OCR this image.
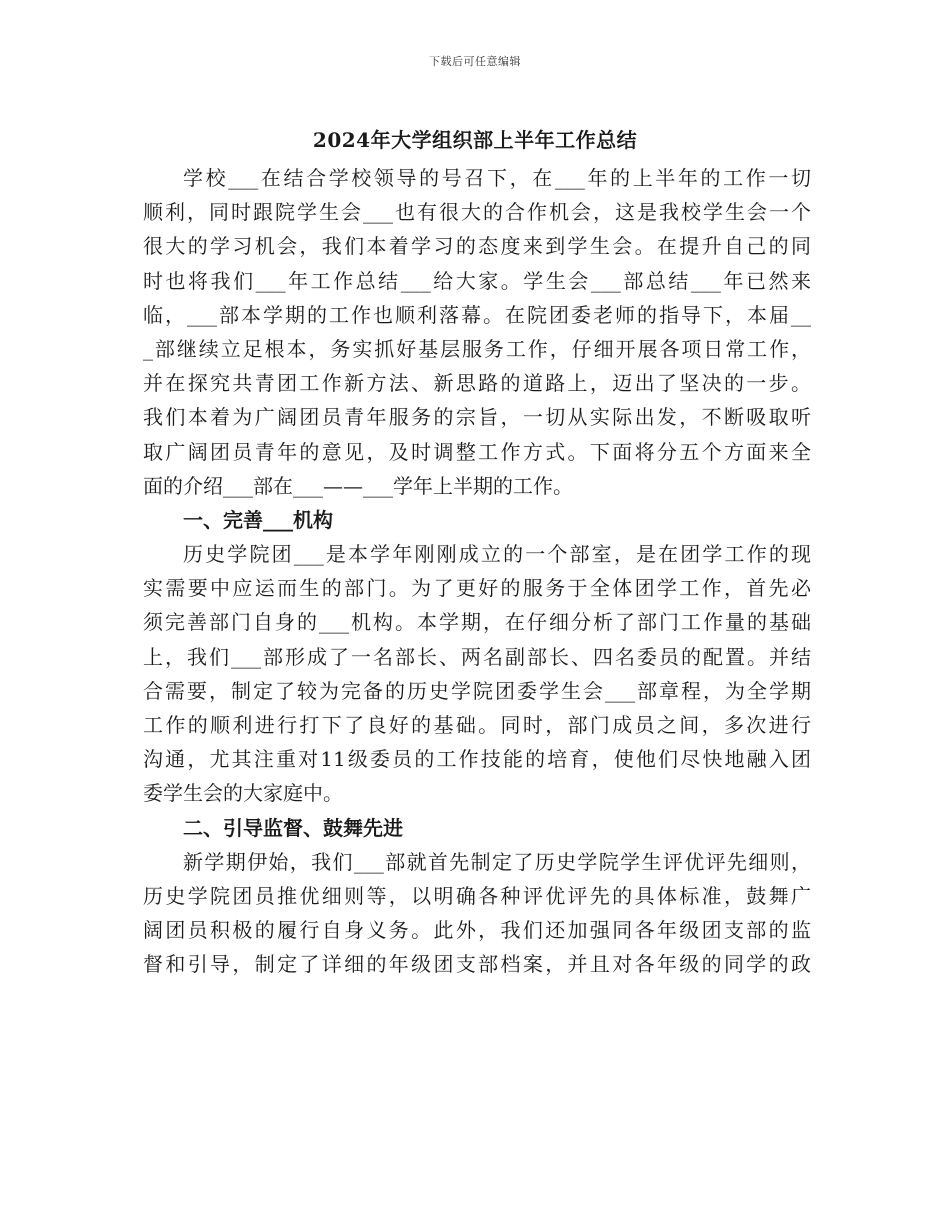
下载后可任意编辑
2024年大学组织部上半年工作总结
学校___在结合学校领导的号召下，在___年的上半年的工作一切
顺利，同时跟院学生会___也有很大的合作机会，这是我校学生会一个
很大的学习机会，我们本着学习的态度来到学生会。在提升自己的同
时也将我们___年工作总结___给大家。学生会___部总结___年已然来
临，___部本学期的工作也顺利落幕。在院团委老师的指导下，本届__
_部继续立足根本，务实抓好基层服务工作，仔细开展各项日常工作，
并在探究共青团工作新方法、新思路的道路上，迈出了坚决的一步。
我们本着为广阔团员青年服务的宗旨，一切从实际出发，不断吸取听
取广阔团员青年的意见，及时调整工作方式。下面将分五个方面来全
面的介绍___部在___——___学年上半期的工作。
一、完善___机构
历史学院团___是本学年刚刚成立的一个部室，是在团学工作的现
实需要中应运而生的部门。为了更好的服务于全体团学工作，首先必
须完善部门自身的___机构。本学期，在仔细分析了部门工作量的基础
上，我们___部形成了一名部长、两名副部长、四名委员的配置。并结
合需要，制定了较为完备的历史学院团委学生会___部章程，为全学期
工作的顺利进行打下了良好的基础。同时，部门成员之间，多次进行
沟通，尤其注重对11级委员的工作技能的培育，使他们尽快地融入团
委学生会的大家庭中。
二、引导监督、鼓舞先进
新学期伊始，我们___部就首先制定了历史学院学生评优评先细则，
历史学院团员推优细则等，以明确各种评优评先的具体标准，鼓舞广
阔团员积极的履行自身义务。此外，我们还加强同各年级团支部的监
督和引导，制定了详细的年级团支部档案，并且对各年级的同学的政
